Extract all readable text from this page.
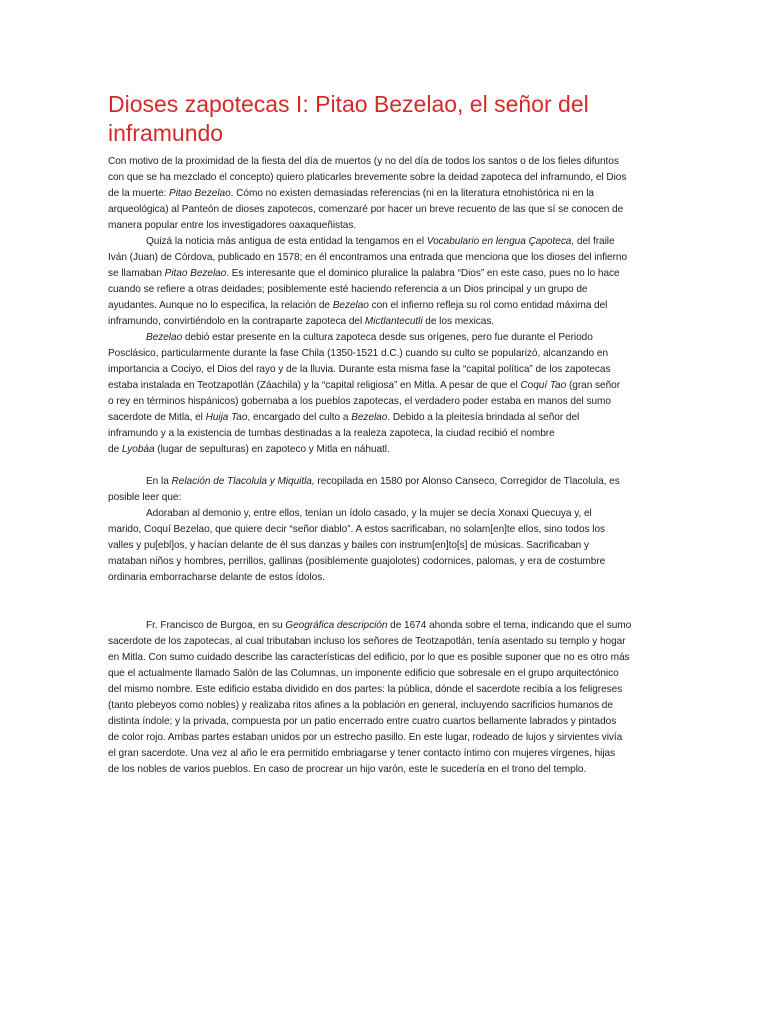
Dioses zapotecas I: Pitao Bezelao, el señor del
inframundo
Con motivo de la proximidad de la fiesta del día de muertos (y no del día de todos los santos o de los fieles difuntos
con que se ha mezclado el concepto) quiero platicarles brevemente sobre la deidad zapoteca del inframundo, el Dios
de la muerte: Pitao Bezelao. Cómo no existen demasiadas referencias (ni en la literatura etnohistórica ni en la
arqueológica) al Panteón de dioses zapotecos, comenzaré por hacer un breve recuento de las que sí se conocen de
manera popular entre los investigadores oaxaqueñistas.
Quizá la noticia más antigua de esta entidad la tengamos en el Vocabulario en lengua Çapoteca, del fraile
Iván (Juan) de Córdova, publicado en 1578; en él encontramos una entrada que menciona que los dioses del infierno
se llamaban Pitao Bezelao. Es interesante que el dominico pluralice la palabra “Dios” en este caso, pues no lo hace
cuando se refiere a otras deidades; posiblemente esté haciendo referencia a un Dios principal y un grupo de
ayudantes. Aunque no lo especifica, la relación de Bezelao con el infierno refleja su rol como entidad máxima del
inframundo, convirtiéndolo en la contraparte zapoteca del Mictlantecutli de los mexicas.
Bezelao debió estar presente en la cultura zapoteca desde sus orígenes, pero fue durante el Periodo
Posclásico, particularmente durante la fase Chila (1350-1521 d.C.) cuando su culto se popularizó, alcanzando en
importancia a Cociyo, el Dios del rayo y de la lluvia. Durante esta misma fase la “capital política” de los zapotecas
estaba instalada en Teotzapotlán (Záachila) y la “capital religiosa” en Mitla. A pesar de que el Coquí Tao (gran señor
o rey en términos hispánicos) gobernaba a los pueblos zapotecas, el verdadero poder estaba en manos del sumo
sacerdote de Mitla, el Huija Tao, encargado del culto a Bezelao. Debido a la pleitesía brindada al señor del
inframundo y a la existencia de tumbas destinadas a la realeza zapoteca, la ciudad recibió el nombre
de Lyobáa (lugar de sepulturas) en zapoteco y Mitla en náhuatl.
En la Relación de Tlacolula y Miquitla, recopilada en 1580 por Alonso Canseco, Corregidor de Tlacolula, es
posible leer que:
Adoraban al demonio y, entre ellos, tenían un ídolo casado, y la mujer se decía Xonaxi Quecuya y, el
marido, Coquí Bezelao, que quiere decir “señor diablo”. A estos sacrificaban, no solam[en]te ellos, sino todos los
valles y pu[ebl]os, y hacían delante de él sus danzas y bailes con instrum[en]to[s] de músicas. Sacrificaban y
mataban niños y hombres, perrillos, gallinas (posiblemente guajolotes) codornices, palomas, y era de costumbre
ordinaria emborracharse delante de estos ídolos.
Fr. Francisco de Burgoa, en su Geográfica descripción de 1674 ahonda sobre el tema, indicando que el sumo
sacerdote de los zapotecas, al cual tributaban incluso los señores de Teotzapotlán, tenía asentado su templo y hogar
en Mitla. Con sumo cuidado describe las características del edificio, por lo que es posible suponer que no es otro más
que el actualmente llamado Salón de las Columnas, un imponente edificio que sobresale en el grupo arquitectónico
del mismo nombre. Este edificio estaba dividido en dos partes: la pública, dónde el sacerdote recibía a los feligreses
(tanto plebeyos como nobles) y realizaba ritos afines a la población en general, incluyendo sacrificios humanos de
distinta índole; y la privada, compuesta por un patio encerrado entre cuatro cuartos bellamente labrados y pintados
de color rojo. Ambas partes estaban unidos por un estrecho pasillo. En este lugar, rodeado de lujos y sirvientes vivía
el gran sacerdote. Una vez al año le era permitido embriagarse y tener contacto íntimo con mujeres vírgenes, hijas
de los nobles de varios pueblos. En caso de procrear un hijo varón, este le sucedería en el trono del templo.
